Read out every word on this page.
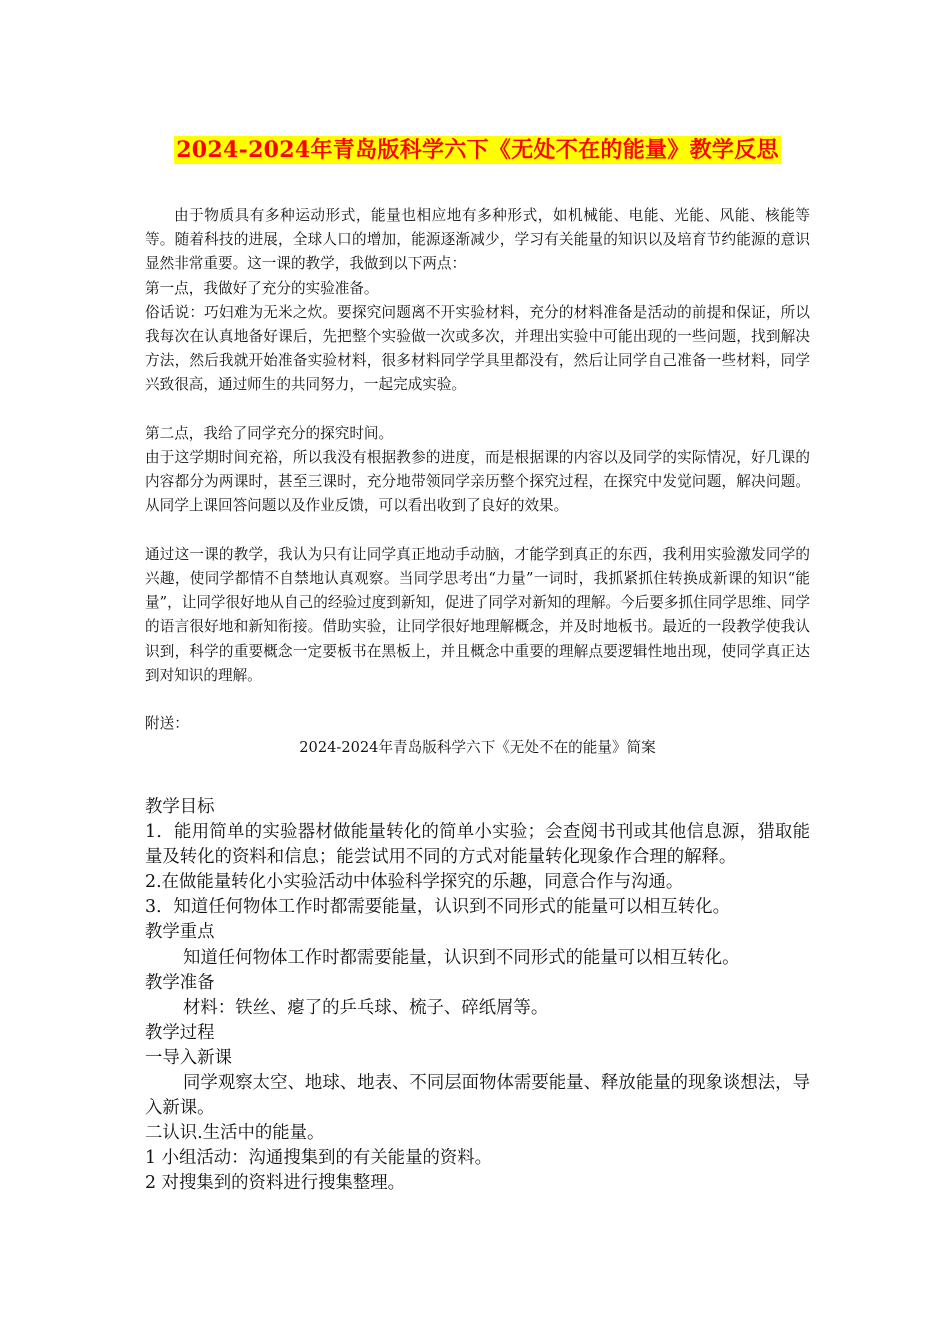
2024-2024年青岛版科学六下《无处不在的能量》教学反思

由于物质具有多种运动形式，能量也相应地有多种形式，如机械能、电能、光能、风能、核能等等。随着科技的进展，全球人口的增加，能源逐渐减少，学习有关能量的知识以及培育节约能源的意识显然非常重要。这一课的教学，我做到以下两点：

第一点，我做好了充分的实验准备。

俗话说：巧妇难为无米之炊。要探究问题离不开实验材料，充分的材料准备是活动的前提和保证，所以我每次在认真地备好课后，先把整个实验做一次或多次，并理出实验中可能出现的一些问题，找到解决方法，然后我就开始准备实验材料，很多材料同学学具里都没有，然后让同学自己准备一些材料，同学兴致很高，通过师生的共同努力，一起完成实验。

第二点，我给了同学充分的探究时间。

由于这学期时间充裕，所以我没有根据教参的进度，而是根据课的内容以及同学的实际情况，好几课的内容都分为两课时，甚至三课时，充分地带领同学亲历整个探究过程，在探究中发觉问题，解决问题。从同学上课回答问题以及作业反馈，可以看出收到了良好的效果。

通过这一课的教学，我认为只有让同学真正地动手动脑，才能学到真正的东西，我利用实验激发同学的兴趣，使同学都情不自禁地认真观察。当同学思考出“力量”一词时，我抓紧抓住转换成新课的知识“能量”，让同学很好地从自己的经验过度到新知，促进了同学对新知的理解。今后要多抓住同学思维、同学的语言很好地和新知衔接。借助实验，让同学很好地理解概念，并及时地板书。最近的一段教学使我认识到，科学的重要概念一定要板书在黑板上，并且概念中重要的理解点要逻辑性地出现，使同学真正达到对知识的理解。

附送：

2024-2024年青岛版科学六下《无处不在的能量》简案

教学目标

1．能用简单的实验器材做能量转化的简单小实验；会查阅书刊或其他信息源，猎取能量及转化的资料和信息；能尝试用不同的方式对能量转化现象作合理的解释。

2.在做能量转化小实验活动中体验科学探究的乐趣，同意合作与沟通。

3．知道任何物体工作时都需要能量，认识到不同形式的能量可以相互转化。

教学重点

知道任何物体工作时都需要能量，认识到不同形式的能量可以相互转化。

教学准备

材料：铁丝、瘪了的乒乓球、梳子、碎纸屑等。

教学过程

一导入新课

同学观察太空、地球、地表、不同层面物体需要能量、释放能量的现象谈想法，导入新课。

二认识.生活中的能量。

1 小组活动：沟通搜集到的有关能量的资料。

2 对搜集到的资料进行搜集整理。
